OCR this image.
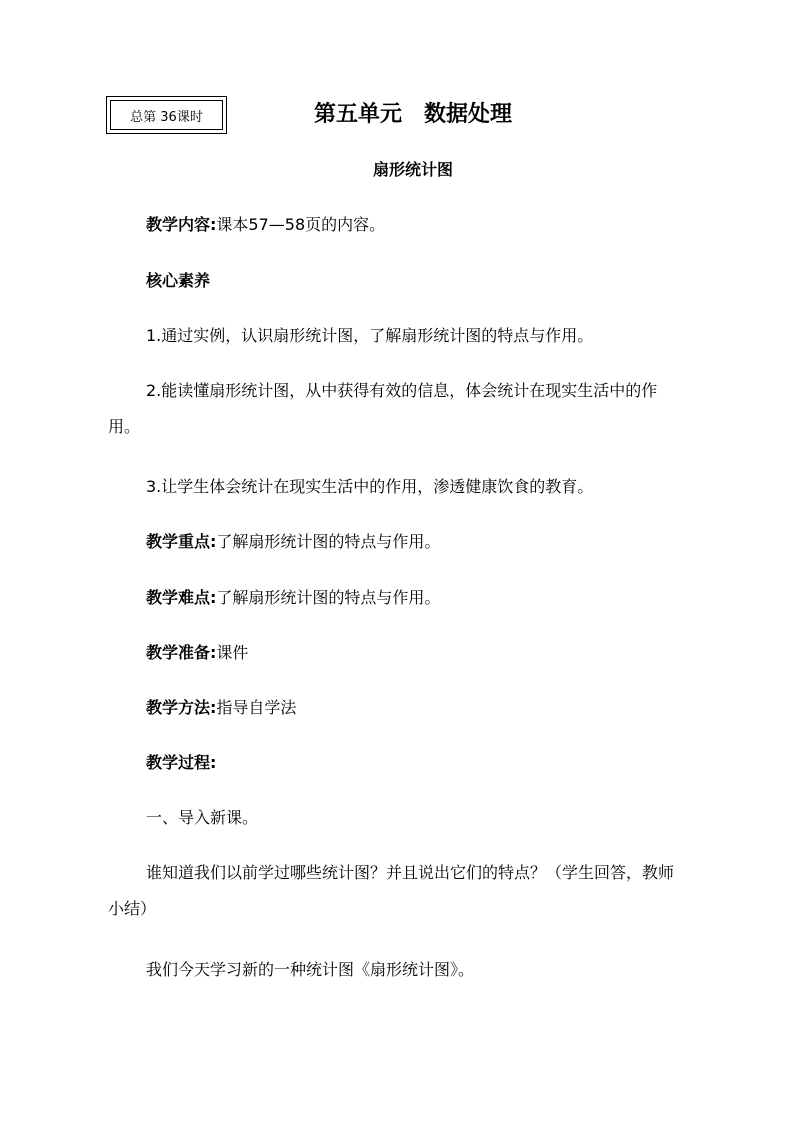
总第 36课时	第五单元　数据处理
扇形统计图

教学内容:课本57—58页的内容。

核心素养

1.通过实例，认识扇形统计图，了解扇形统计图的特点与作用。

2.能读懂扇形统计图，从中获得有效的信息，体会统计在现实生活中的作用。

3.让学生体会统计在现实生活中的作用，渗透健康饮食的教育。

教学重点:了解扇形统计图的特点与作用。

教学难点:了解扇形统计图的特点与作用。

教学准备:课件

教学方法:指导自学法

教学过程:

一、导入新课。

谁知道我们以前学过哪些统计图？并且说出它们的特点？（学生回答，教师小结）

我们今天学习新的一种统计图《扇形统计图》。
